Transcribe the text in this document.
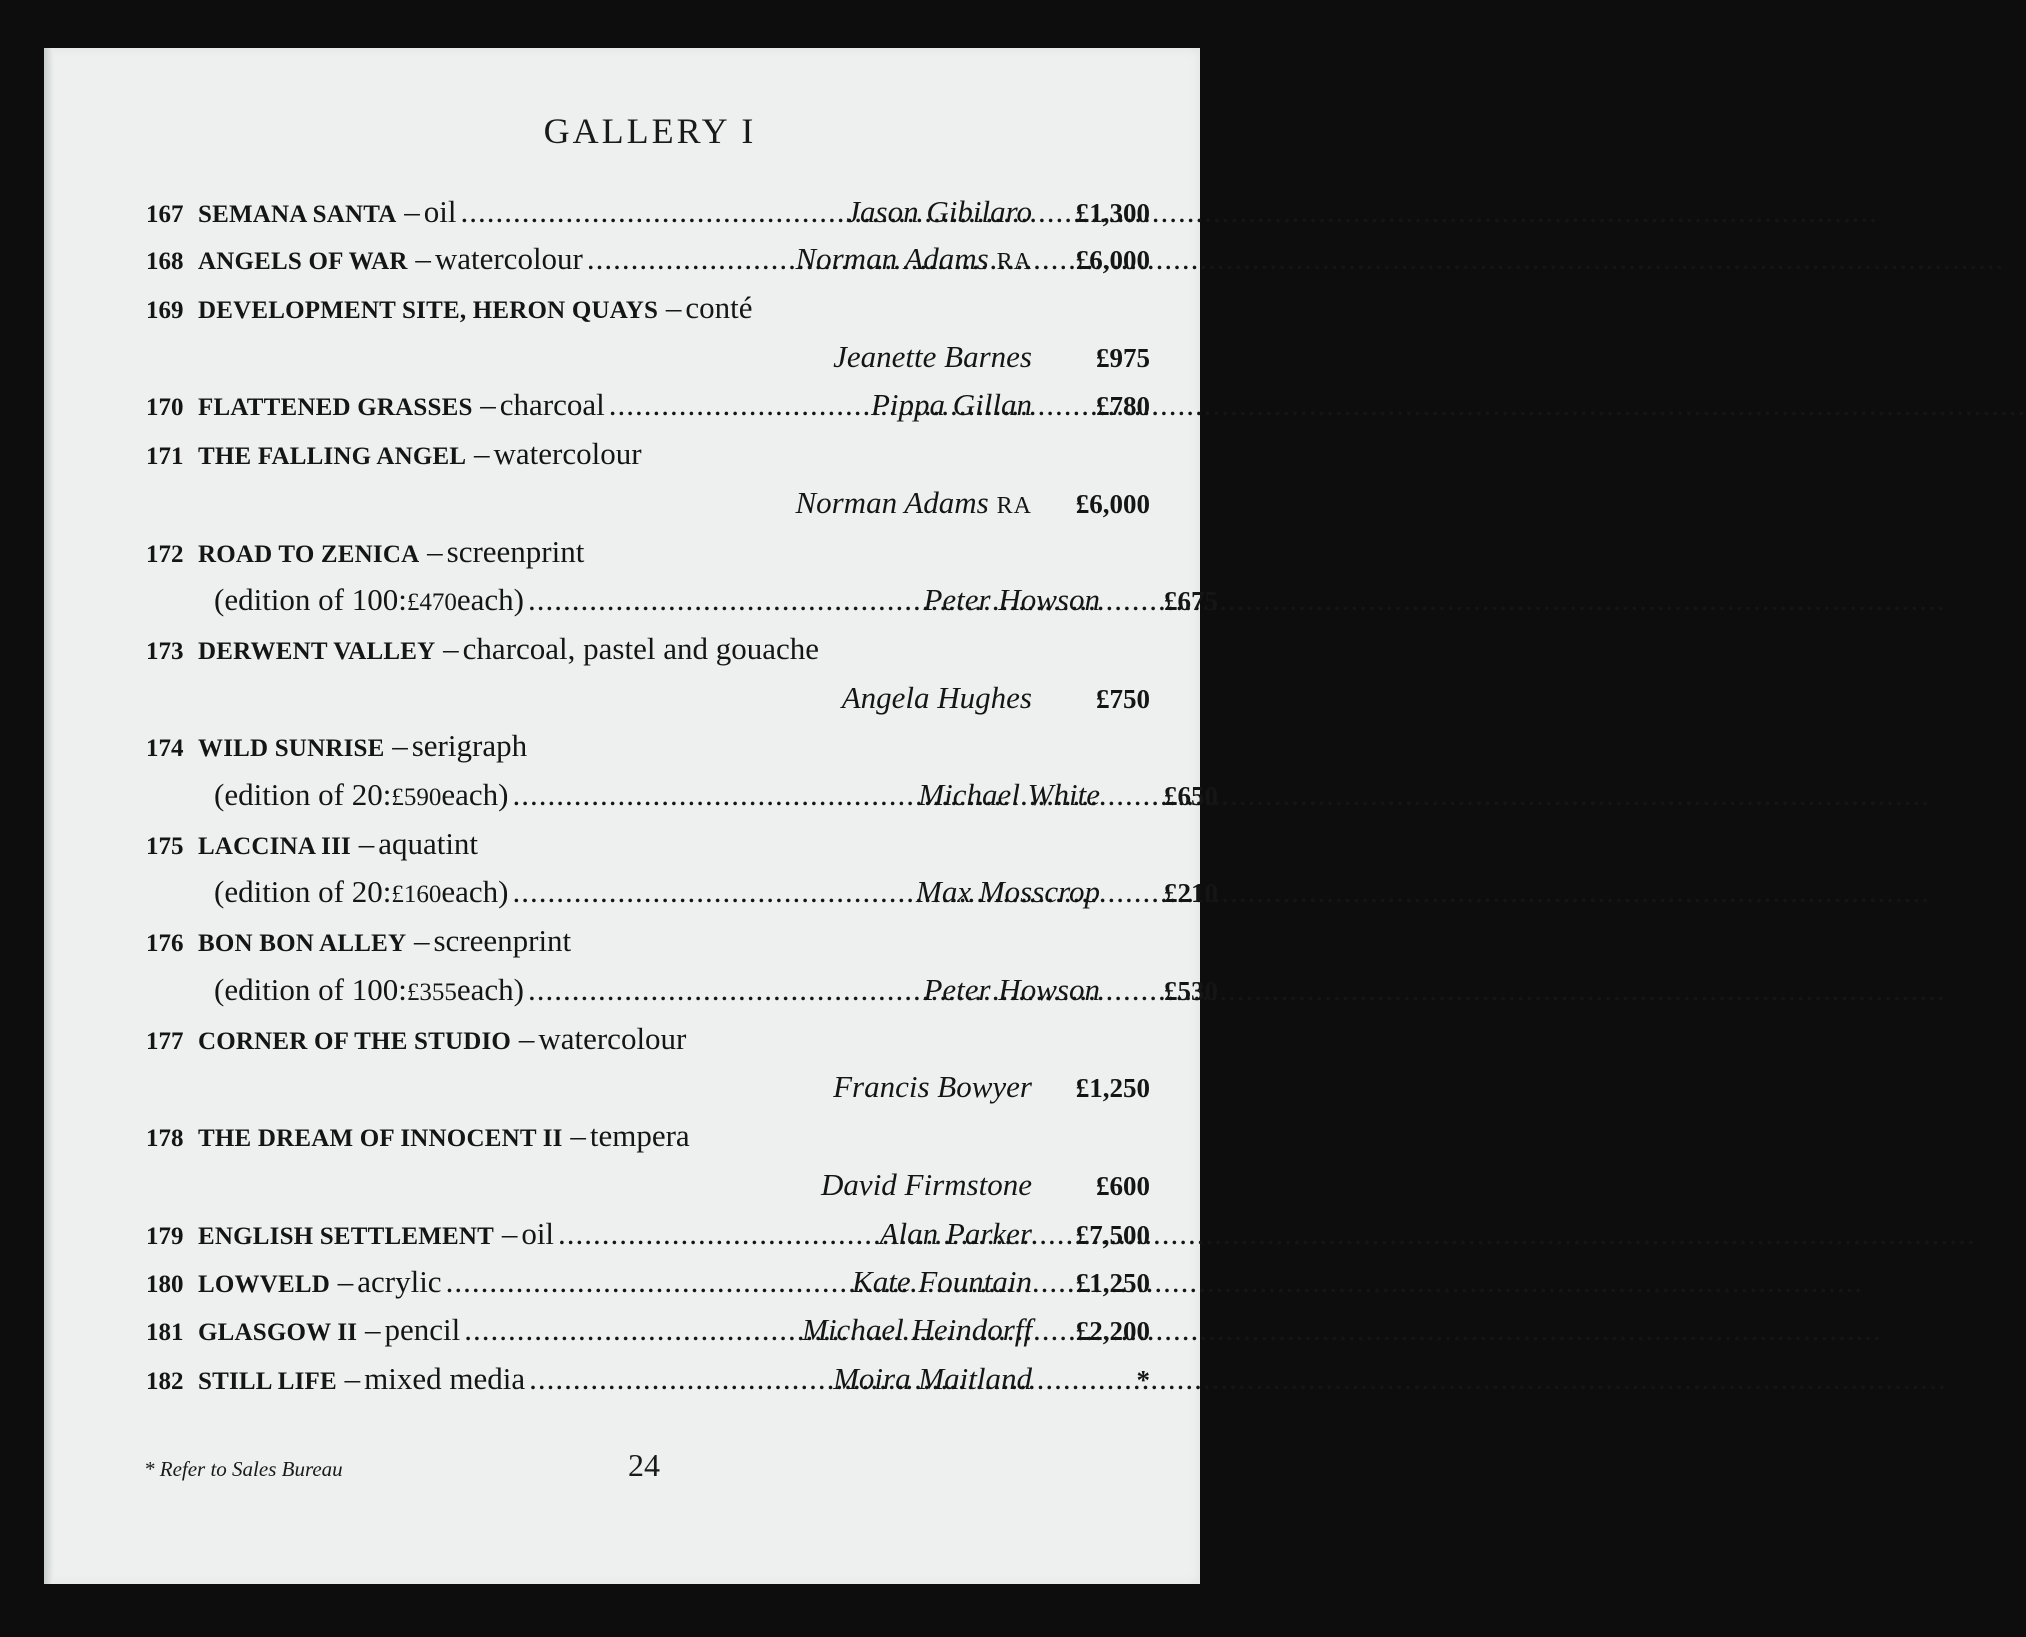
GALLERY I
167 SEMANA SANTA
– oil .....	Jason Gibilaro	£1,300
168 ANGELS OF WAR
– watercolour .....	Norman Adams RA	£6,000
169 DEVELOPMENT SITE, HERON QUAYS
– conté
Jeanette Barnes	£975
170 FLATTENED GRASSES
– charcoal .....	Pippa Gillan	£780
171 THE FALLING ANGEL
– watercolour
Norman Adams RA	£6,000
172 ROAD TO ZENICA
– screenprint
(edition of 100: £470 each) .....	Peter Howson	£675
173 DERWENT VALLEY
– charcoal, pastel and gouache
Angela Hughes	£750
174 WILD SUNRISE
– serigraph
(edition of 20: £590 each) .....	Michael White	£650
175 LACCINA III
– aquatint
(edition of 20: £160 each) .....	Max Mosscrop	£210
176 BON BON ALLEY
– screenprint
(edition of 100: £355 each) .....	Peter Howson	£530
177 CORNER OF THE STUDIO
– watercolour
Francis Bowyer	£1,250
178 THE DREAM OF INNOCENT II
– tempera
David Firmstone	£600
179 ENGLISH SETTLEMENT
– oil .....	Alan Parker	£7,500
180 LOWVELD
– acrylic .....	Kate Fountain	£1,250
181 GLASGOW II
– pencil .....	Michael Heindorff	£2,200
182 STILL LIFE
– mixed media .....	Moira Maitland	*
* Refer to Sales Bureau	24
